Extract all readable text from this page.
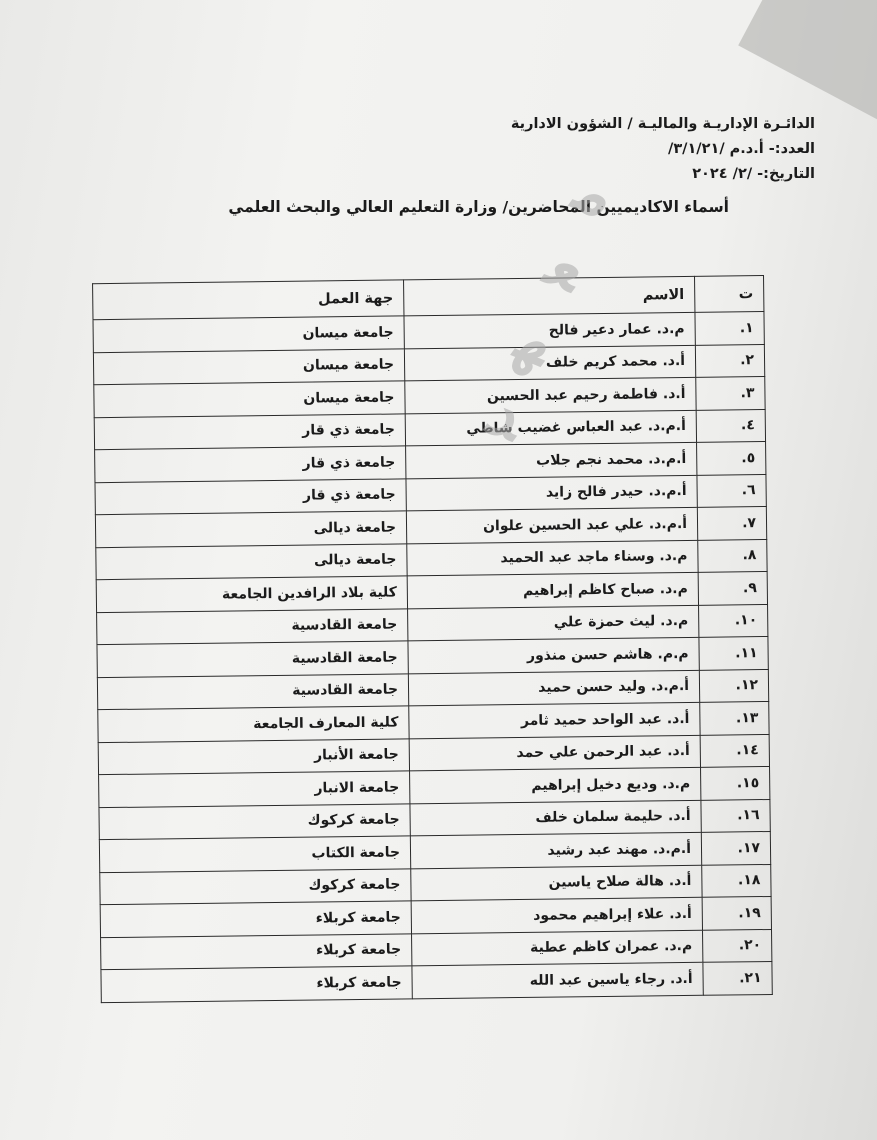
الدائـرة الإداريـة والماليـة / الشؤون الادارية
العدد:- أ.د.م /٣/١/٢١/
التاريخ:- /٢/ ٢٠٢٤
أسماء الاكاديميين المحاضرين/ وزارة التعليم العالي والبحث العلمي
ت	الاسم	جهة العمل
١.	م.د. عمار دعير فالح	جامعة ميسان
٢.	أ.د. محمد كريم خلف	جامعة ميسان
٣.	أ.د. فاطمة رحيم عبد الحسين	جامعة ميسان
٤.	أ.م.د. عبد العباس غضيب شاطي	جامعة ذي قار
٥.	أ.م.د. محمد نجم جلاب	جامعة ذي قار
٦.	أ.م.د. حيدر فالح زايد	جامعة ذي قار
٧.	أ.م.د. علي عبد الحسين علوان	جامعة ديالى
٨.	م.د. وسناء ماجد عبد الحميد	جامعة ديالى
٩.	م.د. صباح كاظم إبراهيم	كلية بلاد الرافدين الجامعة
١٠.	م.د. ليث حمزة علي	جامعة القادسية
١١.	م.م. هاشم حسن منذور	جامعة القادسية
١٢.	أ.م.د. وليد حسن حميد	جامعة القادسية
١٣.	أ.د. عبد الواحد حميد ثامر	كلية المعارف الجامعة
١٤.	أ.د. عبد الرحمن علي حمد	جامعة الأنبار
١٥.	م.د. وديع دخيل إبراهيم	جامعة الانبار
١٦.	أ.د. حليمة سلمان خلف	جامعة كركوك
١٧.	أ.م.د. مهند عبد رشيد	جامعة الكتاب
١٨.	أ.د. هالة صلاح ياسين	جامعة كركوك
١٩.	أ.د. علاء إبراهيم محمود	جامعة كربلاء
٢٠.	م.د. عمران كاظم عطية	جامعة كربلاء
٢١.	أ.د. رجاء ياسين عبد الله	جامعة كربلاء
ﻣ
ﻌ
ﻬ
ﺪ
